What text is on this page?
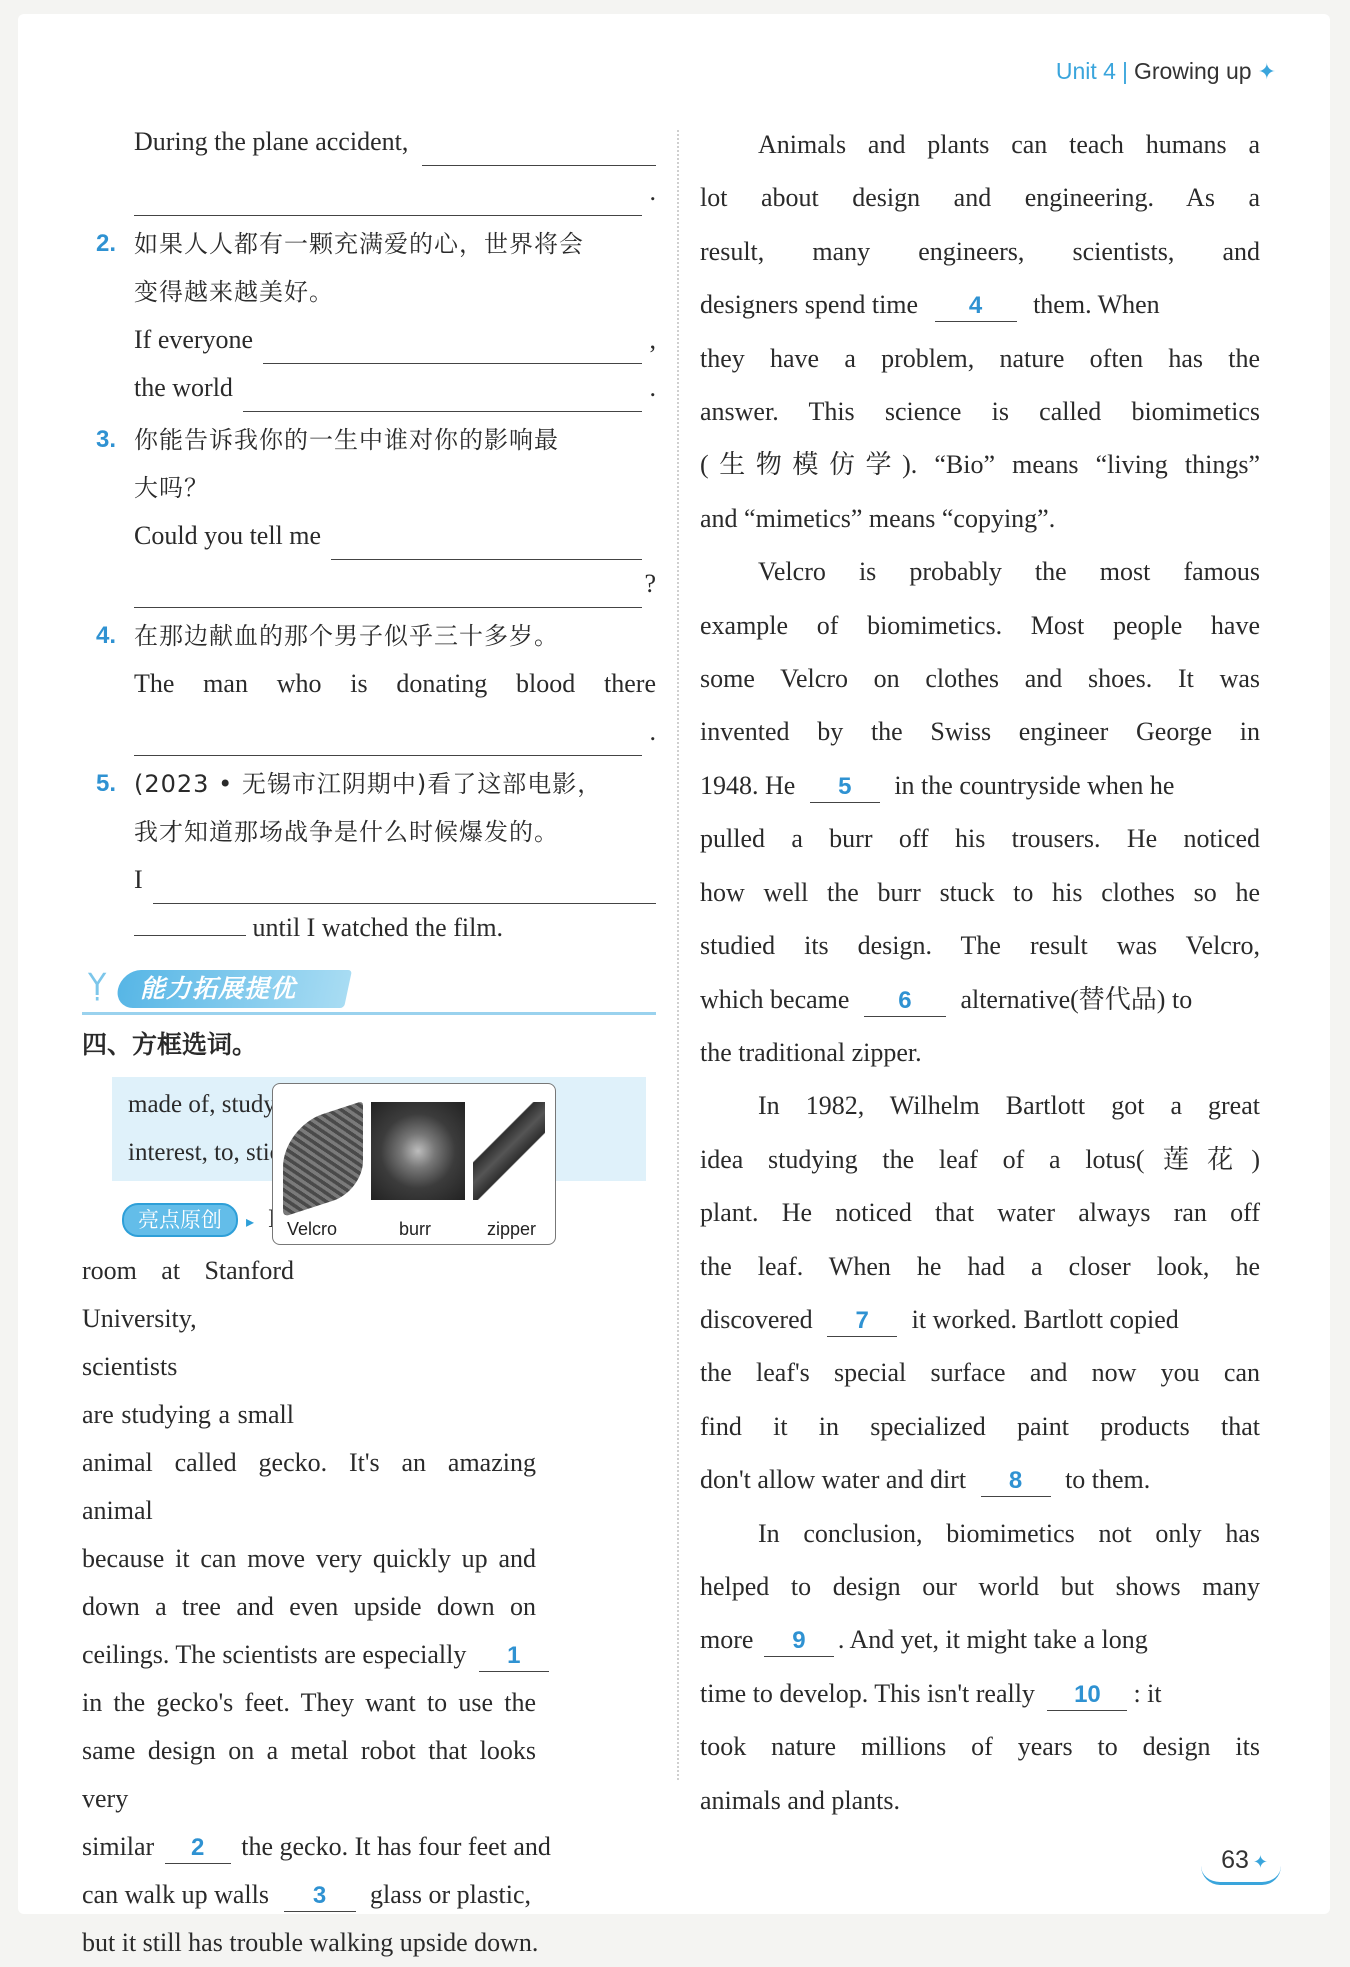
Unit 4 | Growing up ✦
During the plane accident,
.
2. 如果人人都有一颗充满爱的心，世界将会
变得越来越美好。
If everyone	,
the world	.
3. 你能告诉我你的一生中谁对你的影响最
大吗？
Could you tell me
?
4. 在那边献血的那个男子似乎三十多岁。
The man who is donating blood there
.
5. (2023 • 无锡市江阴期中)看了这部电影，
我才知道那场战争是什么时候爆发的。
I
until I watched the film.
Ỵ 能力拓展提优
四、方框选词。
made of, study,
interest, to,
亮点原创 ▸
room at Stanford
University, scientists
are studying a small
animal called gecko. It's an amazing animal
because it can move very quickly up and
down a tree and even upside down on
ceilings. The scientists are especially 1
in the gecko's feet. They want to use the
same design on a metal robot that looks very
similar 2 the gecko. It has four feet and
can walk up walls 3 glass or plastic,
but it still has trouble walking upside down.
Velcro	burr	zipper
Animals and plants can teach humans a
lot about design and engineering. As a
result, many engineers, scientists, and
designers spend time 4 them. When
they have a problem, nature often has the
answer. This science is called biomimetics
(生物模仿学). “Bio” means “living things”
and “mimetics” means “copying”.
Velcro is probably the most famous
example of biomimetics. Most people have
some Velcro on clothes and shoes. It was
invented by the Swiss engineer George in
1948. He 5 in the countryside when he
pulled a burr off his trousers. He noticed
how well the burr stuck to his clothes so he
studied its design. The result was Velcro,
which became 6 alternative(替代品) to
the traditional zipper.
In 1982, Wilhelm Bartlott got a great
idea studying the leaf of a lotus(莲花)
plant. He noticed that water always ran off
the leaf. When he had a closer look, he
discovered 7 it worked. Bartlott copied
the leaf's special surface and now you can
find it in specialized paint products that
don't allow water and dirt 8 to them.
In conclusion, biomimetics not only has
helped to design our world but shows many
more 9 . And yet, it might take a long
time to develop. This isn't really 10 : it
took nature millions of years to design its
animals and plants.
63 ✦
